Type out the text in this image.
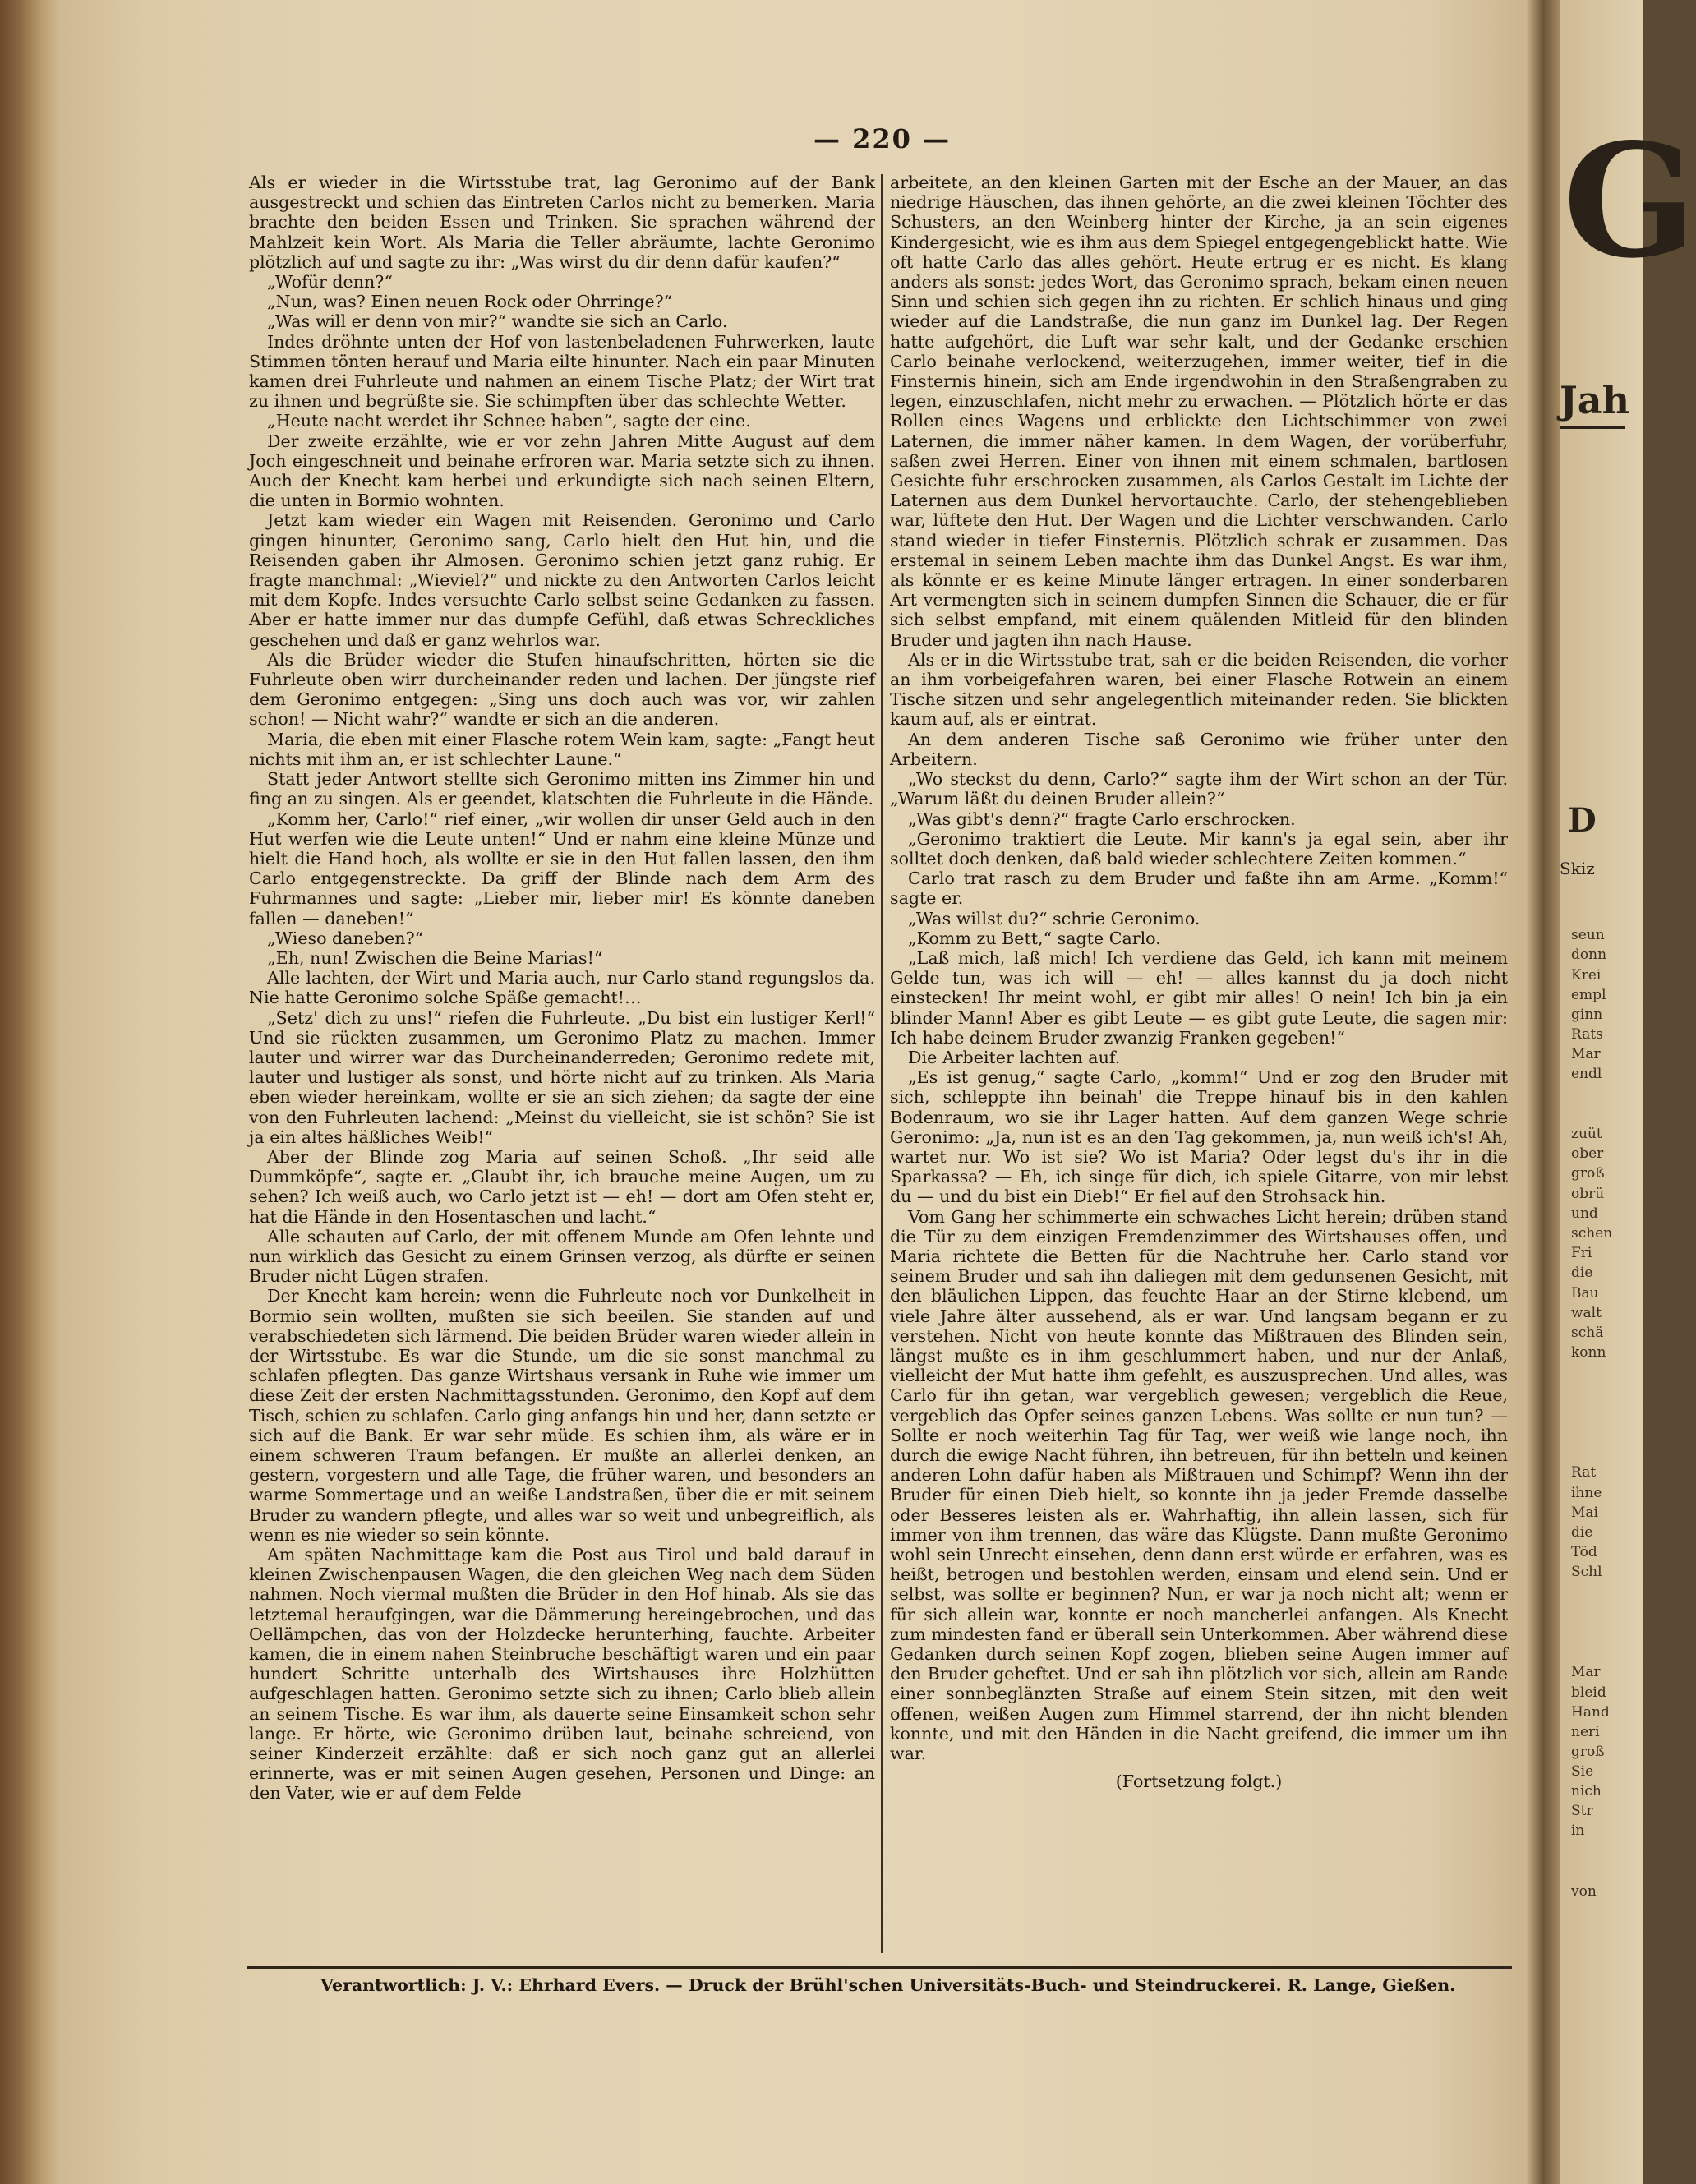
— 220 —

Als er wieder in die Wirtsstube trat, lag Geronimo auf der Bank ausgestreckt und schien das Eintreten Carlos nicht zu bemerken. Maria brachte den beiden Essen und Trinken. Sie sprachen während der Mahlzeit kein Wort. Als Maria die Teller abräumte, lachte Geronimo plötzlich auf und sagte zu ihr: „Was wirst du dir denn dafür kaufen?“

„Wofür denn?“

„Nun, was? Einen neuen Rock oder Ohrringe?“

„Was will er denn von mir?“ wandte sie sich an Carlo.

Indes dröhnte unten der Hof von lastenbeladenen Fuhrwerken, laute Stimmen tönten herauf und Maria eilte hinunter. Nach ein paar Minuten kamen drei Fuhrleute und nahmen an einem Tische Platz; der Wirt trat zu ihnen und begrüßte sie. Sie schimpften über das schlechte Wetter.

„Heute nacht werdet ihr Schnee haben“, sagte der eine.

Der zweite erzählte, wie er vor zehn Jahren Mitte August auf dem Joch eingeschneit und beinahe erfroren war. Maria setzte sich zu ihnen. Auch der Knecht kam herbei und erkundigte sich nach seinen Eltern, die unten in Bormio wohnten.

Jetzt kam wieder ein Wagen mit Reisenden. Geronimo und Carlo gingen hinunter, Geronimo sang, Carlo hielt den Hut hin, und die Reisenden gaben ihr Almosen. Geronimo schien jetzt ganz ruhig. Er fragte manchmal: „Wieviel?“ und nickte zu den Antworten Carlos leicht mit dem Kopfe. Indes versuchte Carlo selbst seine Gedanken zu fassen. Aber er hatte immer nur das dumpfe Gefühl, daß etwas Schreckliches geschehen und daß er ganz wehrlos war.

Als die Brüder wieder die Stufen hinaufschritten, hörten sie die Fuhrleute oben wirr durcheinander reden und lachen. Der jüngste rief dem Geronimo entgegen: „Sing uns doch auch was vor, wir zahlen schon! — Nicht wahr?“ wandte er sich an die anderen.

Maria, die eben mit einer Flasche rotem Wein kam, sagte: „Fangt heut nichts mit ihm an, er ist schlechter Laune.“

Statt jeder Antwort stellte sich Geronimo mitten ins Zimmer hin und fing an zu singen. Als er geendet, klatschten die Fuhrleute in die Hände.

„Komm her, Carlo!“ rief einer, „wir wollen dir unser Geld auch in den Hut werfen wie die Leute unten!“ Und er nahm eine kleine Münze und hielt die Hand hoch, als wollte er sie in den Hut fallen lassen, den ihm Carlo entgegenstreckte. Da griff der Blinde nach dem Arm des Fuhrmannes und sagte: „Lieber mir, lieber mir! Es könnte daneben fallen — daneben!“

„Wieso daneben?“

„Eh, nun! Zwischen die Beine Marias!“

Alle lachten, der Wirt und Maria auch, nur Carlo stand regungslos da. Nie hatte Geronimo solche Späße gemacht!…

„Setz' dich zu uns!“ riefen die Fuhrleute. „Du bist ein lustiger Kerl!“ Und sie rückten zusammen, um Geronimo Platz zu machen. Immer lauter und wirrer war das Durcheinanderreden; Geronimo redete mit, lauter und lustiger als sonst, und hörte nicht auf zu trinken. Als Maria eben wieder hereinkam, wollte er sie an sich ziehen; da sagte der eine von den Fuhrleuten lachend: „Meinst du vielleicht, sie ist schön? Sie ist ja ein altes häßliches Weib!“

Aber der Blinde zog Maria auf seinen Schoß. „Ihr seid alle Dummköpfe“, sagte er. „Glaubt ihr, ich brauche meine Augen, um zu sehen? Ich weiß auch, wo Carlo jetzt ist — eh! — dort am Ofen steht er, hat die Hände in den Hosentaschen und lacht.“

Alle schauten auf Carlo, der mit offenem Munde am Ofen lehnte und nun wirklich das Gesicht zu einem Grinsen verzog, als dürfte er seinen Bruder nicht Lügen strafen.

Der Knecht kam herein; wenn die Fuhrleute noch vor Dunkelheit in Bormio sein wollten, mußten sie sich beeilen. Sie standen auf und verabschiedeten sich lärmend. Die beiden Brüder waren wieder allein in der Wirtsstube. Es war die Stunde, um die sie sonst manchmal zu schlafen pflegten. Das ganze Wirtshaus versank in Ruhe wie immer um diese Zeit der ersten Nachmittagsstunden. Geronimo, den Kopf auf dem Tisch, schien zu schlafen. Carlo ging anfangs hin und her, dann setzte er sich auf die Bank. Er war sehr müde. Es schien ihm, als wäre er in einem schweren Traum befangen. Er mußte an allerlei denken, an gestern, vorgestern und alle Tage, die früher waren, und besonders an warme Sommertage und an weiße Landstraßen, über die er mit seinem Bruder zu wandern pflegte, und alles war so weit und unbegreiflich, als wenn es nie wieder so sein könnte.

Am späten Nachmittage kam die Post aus Tirol und bald darauf in kleinen Zwischenpausen Wagen, die den gleichen Weg nach dem Süden nahmen. Noch viermal mußten die Brüder in den Hof hinab. Als sie das letztemal heraufgingen, war die Dämmerung hereingebrochen, und das Oellämpchen, das von der Holzdecke herunterhing, fauchte. Arbeiter kamen, die in einem nahen Steinbruche beschäftigt waren und ein paar hundert Schritte unterhalb des Wirtshauses ihre Holzhütten aufgeschlagen hatten. Geronimo setzte sich zu ihnen; Carlo blieb allein an seinem Tische. Es war ihm, als dauerte seine Einsamkeit schon sehr lange. Er hörte, wie Geronimo drüben laut, beinahe schreiend, von seiner Kinderzeit erzählte: daß er sich noch ganz gut an allerlei erinnerte, was er mit seinen Augen gesehen, Personen und Dinge: an den Vater, wie er auf dem Felde

arbeitete, an den kleinen Garten mit der Esche an der Mauer, an das niedrige Häuschen, das ihnen gehörte, an die zwei kleinen Töchter des Schusters, an den Weinberg hinter der Kirche, ja an sein eigenes Kindergesicht, wie es ihm aus dem Spiegel entgegengeblickt hatte. Wie oft hatte Carlo das alles gehört. Heute ertrug er es nicht. Es klang anders als sonst: jedes Wort, das Geronimo sprach, bekam einen neuen Sinn und schien sich gegen ihn zu richten. Er schlich hinaus und ging wieder auf die Landstraße, die nun ganz im Dunkel lag. Der Regen hatte aufgehört, die Luft war sehr kalt, und der Gedanke erschien Carlo beinahe verlockend, weiterzugehen, immer weiter, tief in die Finsternis hinein, sich am Ende irgendwohin in den Straßengraben zu legen, einzuschlafen, nicht mehr zu erwachen. — Plötzlich hörte er das Rollen eines Wagens und erblickte den Lichtschimmer von zwei Laternen, die immer näher kamen. In dem Wagen, der vorüberfuhr, saßen zwei Herren. Einer von ihnen mit einem schmalen, bartlosen Gesichte fuhr erschrocken zusammen, als Carlos Gestalt im Lichte der Laternen aus dem Dunkel hervortauchte. Carlo, der stehengeblieben war, lüftete den Hut. Der Wagen und die Lichter verschwanden. Carlo stand wieder in tiefer Finsternis. Plötzlich schrak er zusammen. Das erstemal in seinem Leben machte ihm das Dunkel Angst. Es war ihm, als könnte er es keine Minute länger ertragen. In einer sonderbaren Art vermengten sich in seinem dumpfen Sinnen die Schauer, die er für sich selbst empfand, mit einem quälenden Mitleid für den blinden Bruder und jagten ihn nach Hause.

Als er in die Wirtsstube trat, sah er die beiden Reisenden, die vorher an ihm vorbeigefahren waren, bei einer Flasche Rotwein an einem Tische sitzen und sehr angelegentlich miteinander reden. Sie blickten kaum auf, als er eintrat.

An dem anderen Tische saß Geronimo wie früher unter den Arbeitern.

„Wo steckst du denn, Carlo?“ sagte ihm der Wirt schon an der Tür. „Warum läßt du deinen Bruder allein?“

„Was gibt's denn?“ fragte Carlo erschrocken.

„Geronimo traktiert die Leute. Mir kann's ja egal sein, aber ihr solltet doch denken, daß bald wieder schlechtere Zeiten kommen.“

Carlo trat rasch zu dem Bruder und faßte ihn am Arme. „Komm!“ sagte er.

„Was willst du?“ schrie Geronimo.

„Komm zu Bett,“ sagte Carlo.

„Laß mich, laß mich! Ich verdiene das Geld, ich kann mit meinem Gelde tun, was ich will — eh! — alles kannst du ja doch nicht einstecken! Ihr meint wohl, er gibt mir alles! O nein! Ich bin ja ein blinder Mann! Aber es gibt Leute — es gibt gute Leute, die sagen mir: Ich habe deinem Bruder zwanzig Franken gegeben!“

Die Arbeiter lachten auf.

„Es ist genug,“ sagte Carlo, „komm!“ Und er zog den Bruder mit sich, schleppte ihn beinah' die Treppe hinauf bis in den kahlen Bodenraum, wo sie ihr Lager hatten. Auf dem ganzen Wege schrie Geronimo: „Ja, nun ist es an den Tag gekommen, ja, nun weiß ich's! Ah, wartet nur. Wo ist sie? Wo ist Maria? Oder legst du's ihr in die Sparkassa? — Eh, ich singe für dich, ich spiele Gitarre, von mir lebst du — und du bist ein Dieb!“ Er fiel auf den Strohsack hin.

Vom Gang her schimmerte ein schwaches Licht herein; drüben stand die Tür zu dem einzigen Fremdenzimmer des Wirtshauses offen, und Maria richtete die Betten für die Nachtruhe her. Carlo stand vor seinem Bruder und sah ihn daliegen mit dem gedunsenen Gesicht, mit den bläulichen Lippen, das feuchte Haar an der Stirne klebend, um viele Jahre älter aussehend, als er war. Und langsam begann er zu verstehen. Nicht von heute konnte das Mißtrauen des Blinden sein, längst mußte es in ihm geschlummert haben, und nur der Anlaß, vielleicht der Mut hatte ihm gefehlt, es auszusprechen. Und alles, was Carlo für ihn getan, war vergeblich gewesen; vergeblich die Reue, vergeblich das Opfer seines ganzen Lebens. Was sollte er nun tun? — Sollte er noch weiterhin Tag für Tag, wer weiß wie lange noch, ihn durch die ewige Nacht führen, ihn betreuen, für ihn betteln und keinen anderen Lohn dafür haben als Mißtrauen und Schimpf? Wenn ihn der Bruder für einen Dieb hielt, so konnte ihn ja jeder Fremde dasselbe oder Besseres leisten als er. Wahrhaftig, ihn allein lassen, sich für immer von ihm trennen, das wäre das Klügste. Dann mußte Geronimo wohl sein Unrecht einsehen, denn dann erst würde er erfahren, was es heißt, betrogen und bestohlen werden, einsam und elend sein. Und er selbst, was sollte er beginnen? Nun, er war ja noch nicht alt; wenn er für sich allein war, konnte er noch mancherlei anfangen. Als Knecht zum mindesten fand er überall sein Unterkommen. Aber während diese Gedanken durch seinen Kopf zogen, blieben seine Augen immer auf den Bruder geheftet. Und er sah ihn plötzlich vor sich, allein am Rande einer sonnbeglänzten Straße auf einem Stein sitzen, mit den weit offenen, weißen Augen zum Himmel starrend, der ihn nicht blenden konnte, und mit den Händen in die Nacht greifend, die immer um ihn war.

(Fortsetzung folgt.)

Verantwortlich: J. V.: Ehrhard Evers. — Druck der Brühl'schen Universitäts-Buch- und Steindruckerei. R. Lange, Gießen.
G
Jah
D
Skiz
seun
donn
Krei
empl
ginn
Rats
Mar
endl
zuüt
ober
groß
obrü
und
schen
Fri
die
Bau
walt
schä
konn
Rat
ihne
Mai
die
Töd
Schl
Mar
bleid
Hand
neri
groß
Sie
nich
Str
in
von
